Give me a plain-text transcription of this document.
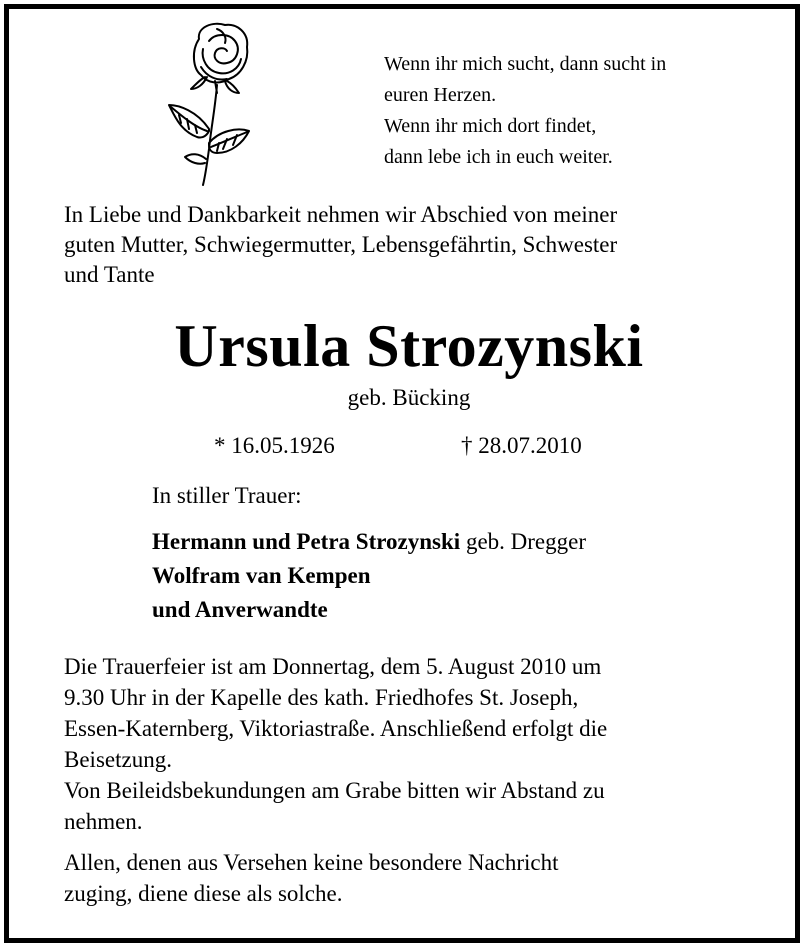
Wenn ihr mich sucht, dann sucht in

euren Herzen.

Wenn ihr mich dort findet,

dann lebe ich in euch weiter.

In Liebe und Dankbarkeit nehmen wir Abschied von meiner

guten Mutter, Schwiegermutter, Lebensgefährtin, Schwester

und Tante

Ursula Strozynski
geb. Bücking
* 16.05.1926	† 28.07.2010
In stiller Trauer:

Hermann und Petra Strozynski geb. Dregger

Wolfram van Kempen

und Anverwandte

Die Trauerfeier ist am Donnertag, dem 5. August 2010 um

9.30 Uhr in der Kapelle des kath. Friedhofes St. Joseph,

Essen-Katernberg, Viktoriastraße. Anschließend erfolgt die

Beisetzung.

Von Beileidsbekundungen am Grabe bitten wir Abstand zu

nehmen.

Allen, denen aus Versehen keine besondere Nachricht

zuging, diene diese als solche.
